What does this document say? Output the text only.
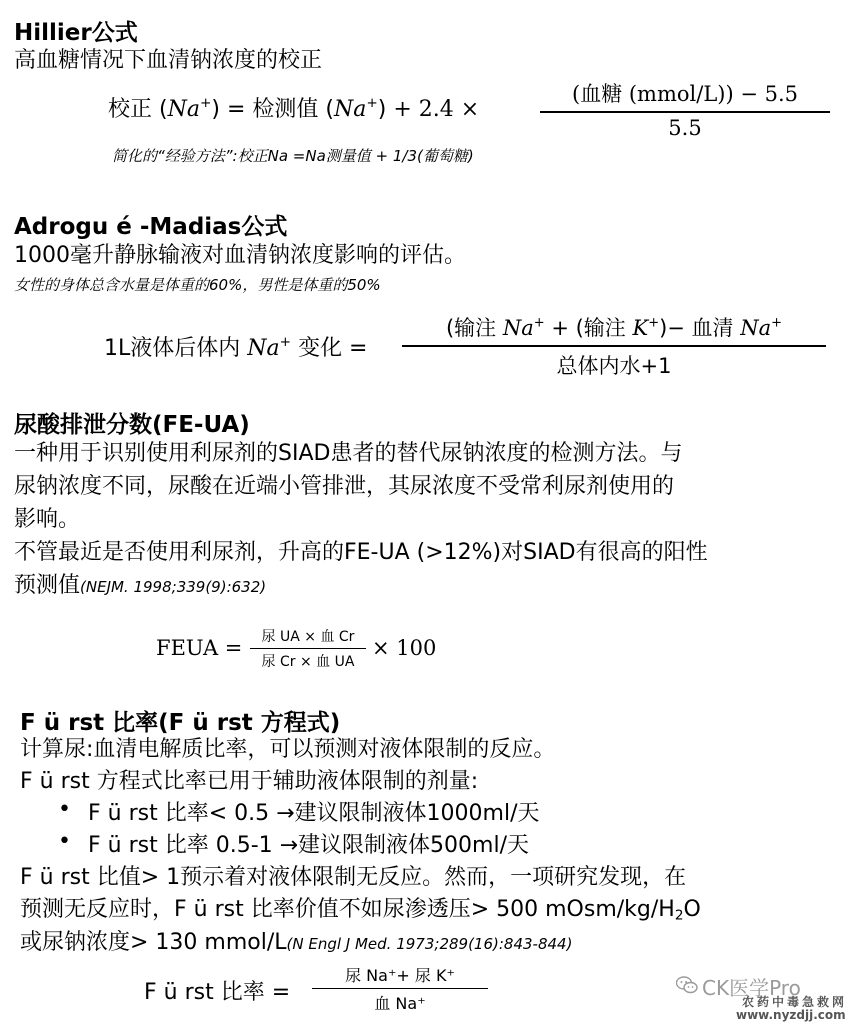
Hillier公式
高血糖情况下血清钠浓度的校正
校正 (Na+) = 检测值 (Na+) + 2.4 ×
(血糖 (mmol/L)) − 5.5
5.5
简化的“经验方法”:校正Na =Na测量值 + 1/3(葡萄糖)
Adrogu é -Madias公式
1000毫升静脉输液对血清钠浓度影响的评估。
女性的身体总含水量是体重的60%，男性是体重的50%
1L液体后体内 Na+ 变化 =
(输注 Na+ + (输注 K+)− 血清 Na+
总体内水+1
尿酸排泄分数(FE-UA)
一种用于识别使用利尿剂的SIAD患者的替代尿钠浓度的检测方法。与
尿钠浓度不同，尿酸在近端小管排泄，其尿浓度不受常利尿剂使用的
影响。
不管最近是否使用利尿剂，升高的FE-UA (>12%)对SIAD有很高的阳性
预测值(NEJM. 1998;339(9):632)
FEUA = 尿 UA × 血 Cr
尿 Cr × 血 UA
× 100
F ü rst 比率(F ü rst 方程式)
计算尿:血清电解质比率，可以预测对液体限制的反应。
F ü rst 方程式比率已用于辅助液体限制的剂量:
• F ü rst 比率< 0.5 →建议限制液体1000ml/天
• F ü rst 比率 0.5-1 →建议限制液体500ml/天
F ü rst 比值> 1预示着对液体限制无反应。然而，一项研究发现，在
预测无反应时，F ü rst 比率价值不如尿渗透压> 500 mOsm/$kg/H_2O$
或尿钠浓度> 130 mmol/L(N Engl J Med. 1973;289(16):843-844)
F ü rst 比率 =
尿 Na⁺+ 尿 K⁺
血 Na⁺
CK医学Pro
农药中毒急救网
www.nyzdjj.com
